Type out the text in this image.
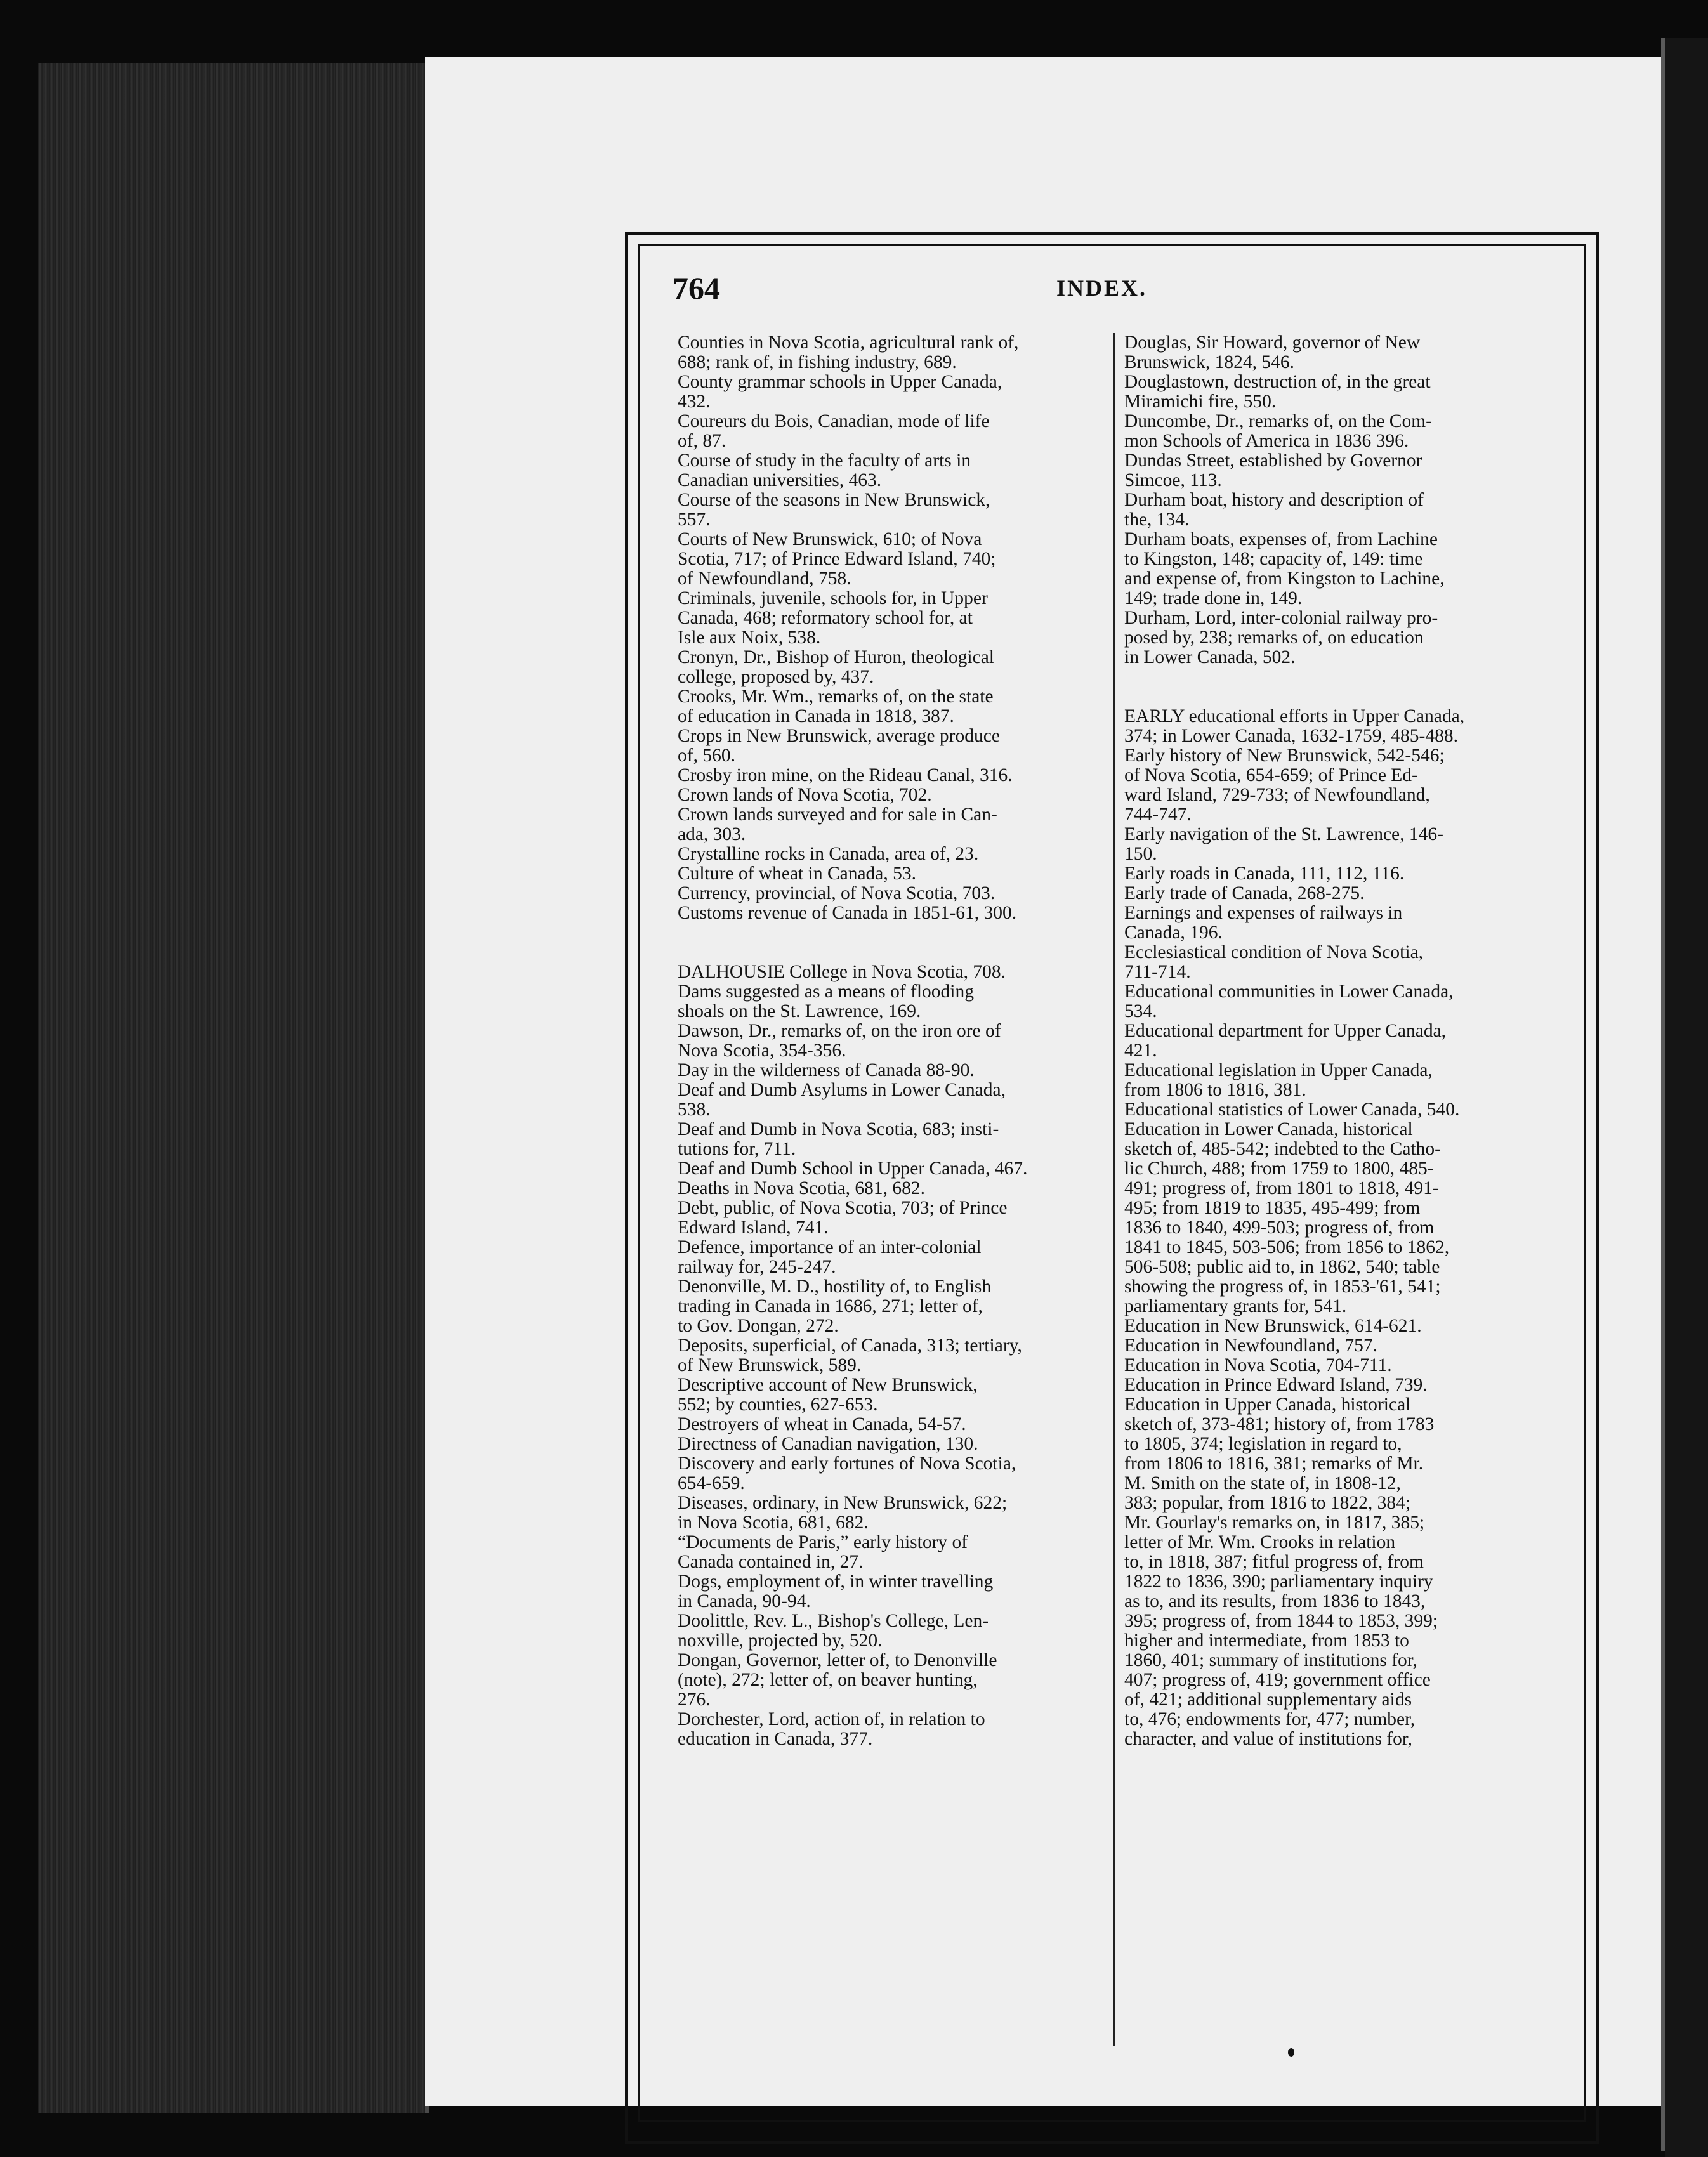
764	INDEX.
Counties in Nova Scotia, agricultural rank of,
688; rank of, in fishing industry, 689.
County grammar schools in Upper Canada,
432.
Coureurs du Bois, Canadian, mode of life
of, 87.
Course of study in the faculty of arts in
Canadian universities, 463.
Course of the seasons in New Brunswick,
557.
Courts of New Brunswick, 610; of Nova
Scotia, 717; of Prince Edward Island, 740;
of Newfoundland, 758.
Criminals, juvenile, schools for, in Upper
Canada, 468; reformatory school for, at
Isle aux Noix, 538.
Cronyn, Dr., Bishop of Huron, theological
college, proposed by, 437.
Crooks, Mr. Wm., remarks of, on the state
of education in Canada in 1818, 387.
Crops in New Brunswick, average produce
of, 560.
Crosby iron mine, on the Rideau Canal, 316.
Crown lands of Nova Scotia, 702.
Crown lands surveyed and for sale in Can-
ada, 303.
Crystalline rocks in Canada, area of, 23.
Culture of wheat in Canada, 53.
Currency, provincial, of Nova Scotia, 703.
Customs revenue of Canada in 1851-61, 300.
DALHOUSIE College in Nova Scotia, 708.
Dams suggested as a means of flooding
shoals on the St. Lawrence, 169.
Dawson, Dr., remarks of, on the iron ore of
Nova Scotia, 354-356.
Day in the wilderness of Canada 88-90.
Deaf and Dumb Asylums in Lower Canada,
538.
Deaf and Dumb in Nova Scotia, 683; insti-
tutions for, 711.
Deaf and Dumb School in Upper Canada, 467.
Deaths in Nova Scotia, 681, 682.
Debt, public, of Nova Scotia, 703; of Prince
Edward Island, 741.
Defence, importance of an inter-colonial
railway for, 245-247.
Denonville, M. D., hostility of, to English
trading in Canada in 1686, 271; letter of,
to Gov. Dongan, 272.
Deposits, superficial, of Canada, 313; tertiary,
of New Brunswick, 589.
Descriptive account of New Brunswick,
552; by counties, 627-653.
Destroyers of wheat in Canada, 54-57.
Directness of Canadian navigation, 130.
Discovery and early fortunes of Nova Scotia,
654-659.
Diseases, ordinary, in New Brunswick, 622;
in Nova Scotia, 681, 682.
“Documents de Paris,” early history of
Canada contained in, 27.
Dogs, employment of, in winter travelling
in Canada, 90-94.
Doolittle, Rev. L., Bishop's College, Len-
noxville, projected by, 520.
Dongan, Governor, letter of, to Denonville
(note), 272; letter of, on beaver hunting,
276.
Dorchester, Lord, action of, in relation to
education in Canada, 377.
Douglas, Sir Howard, governor of New
Brunswick, 1824, 546.
Douglastown, destruction of, in the great
Miramichi fire, 550.
Duncombe, Dr., remarks of, on the Com-
mon Schools of America in 1836 396.
Dundas Street, established by Governor
Simcoe, 113.
Durham boat, history and description of
the, 134.
Durham boats, expenses of, from Lachine
to Kingston, 148; capacity of, 149: time
and expense of, from Kingston to Lachine,
149; trade done in, 149.
Durham, Lord, inter-colonial railway pro-
posed by, 238; remarks of, on education
in Lower Canada, 502.
EARLY educational efforts in Upper Canada,
374; in Lower Canada, 1632-1759, 485-488.
Early history of New Brunswick, 542-546;
of Nova Scotia, 654-659; of Prince Ed-
ward Island, 729-733; of Newfoundland,
744-747.
Early navigation of the St. Lawrence, 146-
150.
Early roads in Canada, 111, 112, 116.
Early trade of Canada, 268-275.
Earnings and expenses of railways in
Canada, 196.
Ecclesiastical condition of Nova Scotia,
711-714.
Educational communities in Lower Canada,
534.
Educational department for Upper Canada,
421.
Educational legislation in Upper Canada,
from 1806 to 1816, 381.
Educational statistics of Lower Canada, 540.
Education in Lower Canada, historical
sketch of, 485-542; indebted to the Catho-
lic Church, 488; from 1759 to 1800, 485-
491; progress of, from 1801 to 1818, 491-
495; from 1819 to 1835, 495-499; from
1836 to 1840, 499-503; progress of, from
1841 to 1845, 503-506; from 1856 to 1862,
506-508; public aid to, in 1862, 540; table
showing the progress of, in 1853-'61, 541;
parliamentary grants for, 541.
Education in New Brunswick, 614-621.
Education in Newfoundland, 757.
Education in Nova Scotia, 704-711.
Education in Prince Edward Island, 739.
Education in Upper Canada, historical
sketch of, 373-481; history of, from 1783
to 1805, 374; legislation in regard to,
from 1806 to 1816, 381; remarks of Mr.
M. Smith on the state of, in 1808-12,
383; popular, from 1816 to 1822, 384;
Mr. Gourlay's remarks on, in 1817, 385;
letter of Mr. Wm. Crooks in relation
to, in 1818, 387; fitful progress of, from
1822 to 1836, 390; parliamentary inquiry
as to, and its results, from 1836 to 1843,
395; progress of, from 1844 to 1853, 399;
higher and intermediate, from 1853 to
1860, 401; summary of institutions for,
407; progress of, 419; government office
of, 421; additional supplementary aids
to, 476; endowments for, 477; number,
character, and value of institutions for,
